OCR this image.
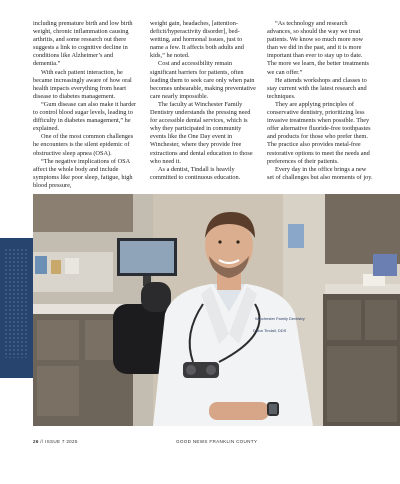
including premature birth and low birth weight, chronic inflammation causing arthritis, and some research out there suggests a link to cognitive decline in conditions like Alzheimer’s and dementia.”

With each patient interaction, he became increasingly aware of how oral health impacts everything from heart disease to diabetes management.

“Gum disease can also make it harder to control blood sugar levels, leading to difficulty in diabetes management,” he explained.

One of the most common challenges he encounters is the silent epidemic of obstructive sleep apnea (OSA).

“The negative implications of OSA affect the whole body and include symptoms like poor sleep, fatigue, high blood pressure,

weight gain, headaches, [attention-deficit/hyperactivity disorder], bed-wetting, and hormonal issues, just to name a few. It affects both adults and kids,” he noted.

Cost and accessibility remain significant barriers for patients, often leading them to seek care only when pain becomes unbearable, making preventative care nearly impossible.

The faculty at Winchester Family Dentistry understands the pressing need for accessible dental services, which is why they participated in community events like the One Day event in Winchester, where they provide free extractions and dental education to those who need it.

As a dentist, Tindall is heavily committed to continuous education.

“As technology and research advances, so should the way we treat patients. We know so much more now than we did in the past, and it is more important than ever to stay up to date. The more we learn, the better treatments we can offer.”

He attends workshops and classes to stay current with the latest research and techniques.

They are applying principles of conservative dentistry, prioritizing less invasive treatments when possible. They offer alternative fluoride-free toothpastes and products for those who prefer them. The practice also provides metal-free restorative options to meet the needs and preferences of their patients.

Every day in the office brings a new set of challenges but also moments of joy.

Winchester Family Dentistry
Dillon Tindall, DDS
26 // ISSUE 7 2025	GOOD NEWS FRANKLIN COUNTY
